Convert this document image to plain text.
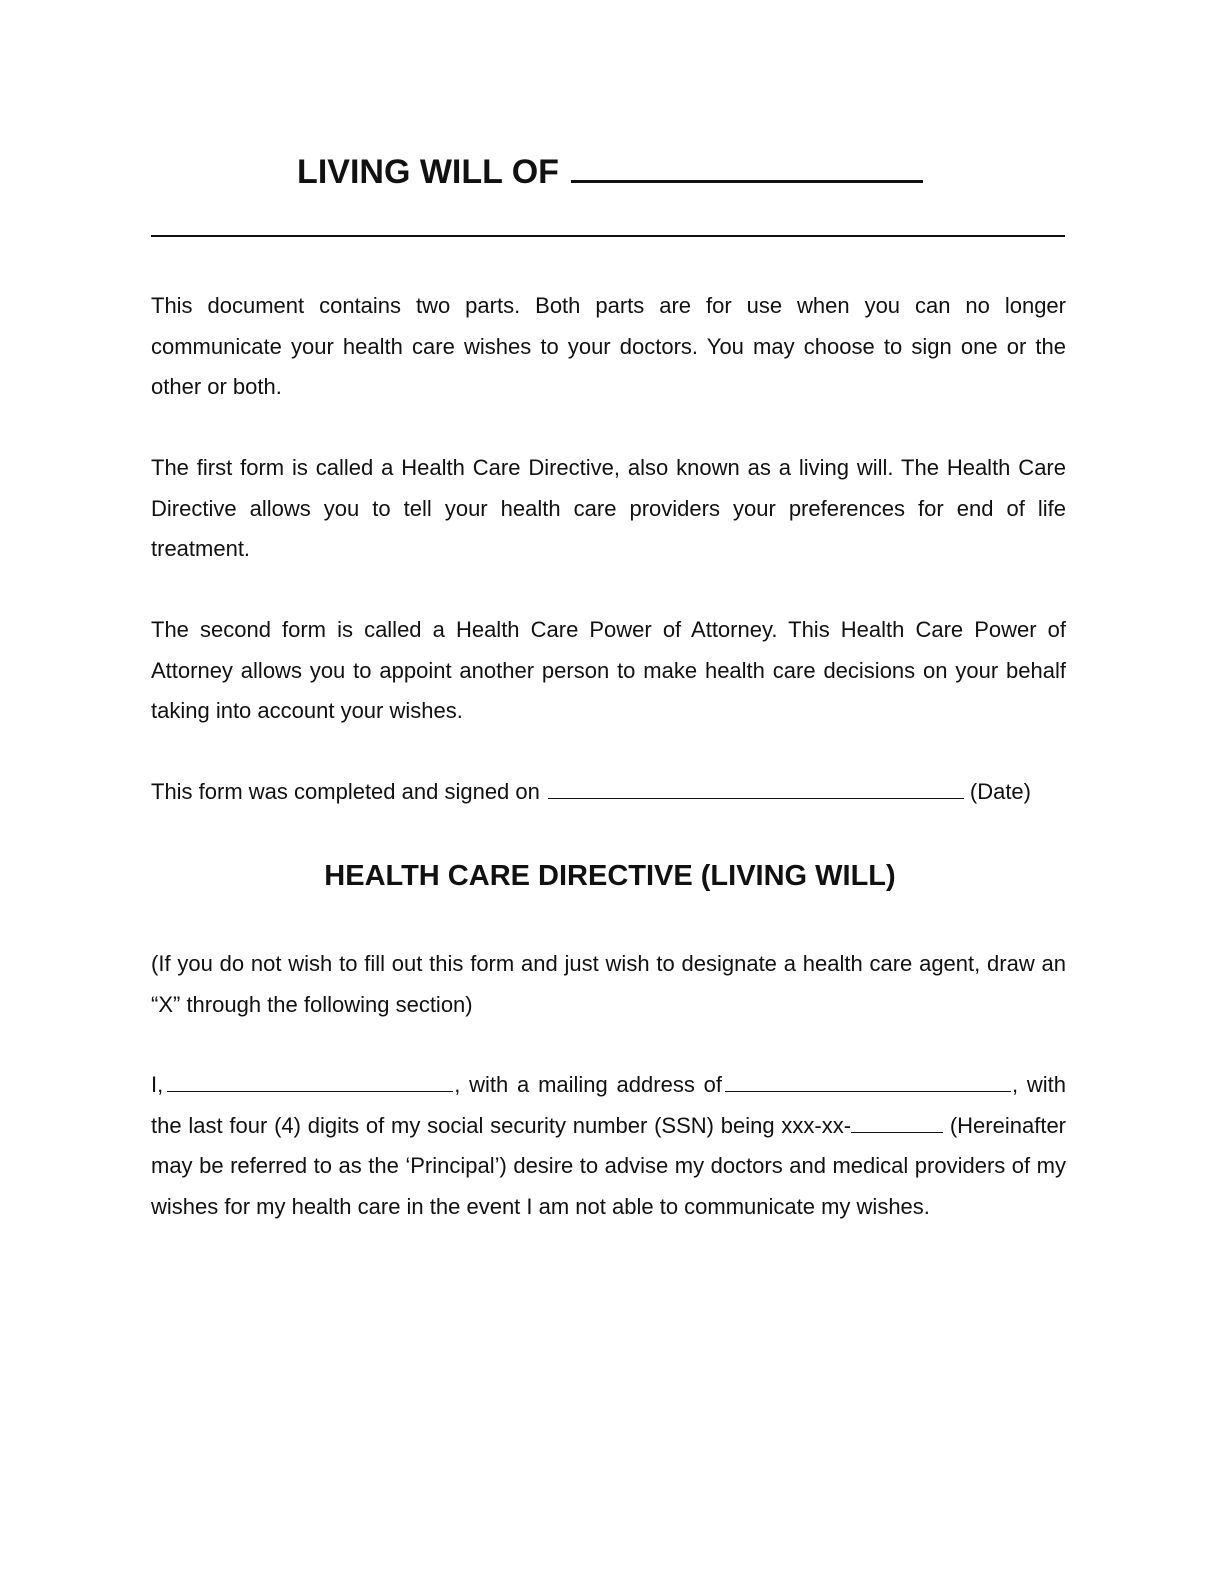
LIVING WILL OF

This document contains two parts. Both parts are for use when you can no longer communicate your health care wishes to your doctors. You may choose to sign one or the other or both.

The first form is called a Health Care Directive, also known as a living will. The Health Care Directive allows you to tell your health care providers your preferences for end of life treatment.

The second form is called a Health Care Power of Attorney. This Health Care Power of Attorney allows you to appoint another person to make health care decisions on your behalf taking into account your wishes.

This form was completed and signed on	(Date)
HEALTH CARE DIRECTIVE (LIVING WILL)

(If you do not wish to fill out this form and just wish to designate a health care agent, draw an “X” through the following section)

I,	, with a mailing address of	, with the last four (4) digits of my social security number (SSN) being xxx-xx-	(Hereinafter may be referred to as the ‘Principal’) desire to advise my doctors and medical providers of my wishes for my health care in the event I am not able to communicate my wishes.
